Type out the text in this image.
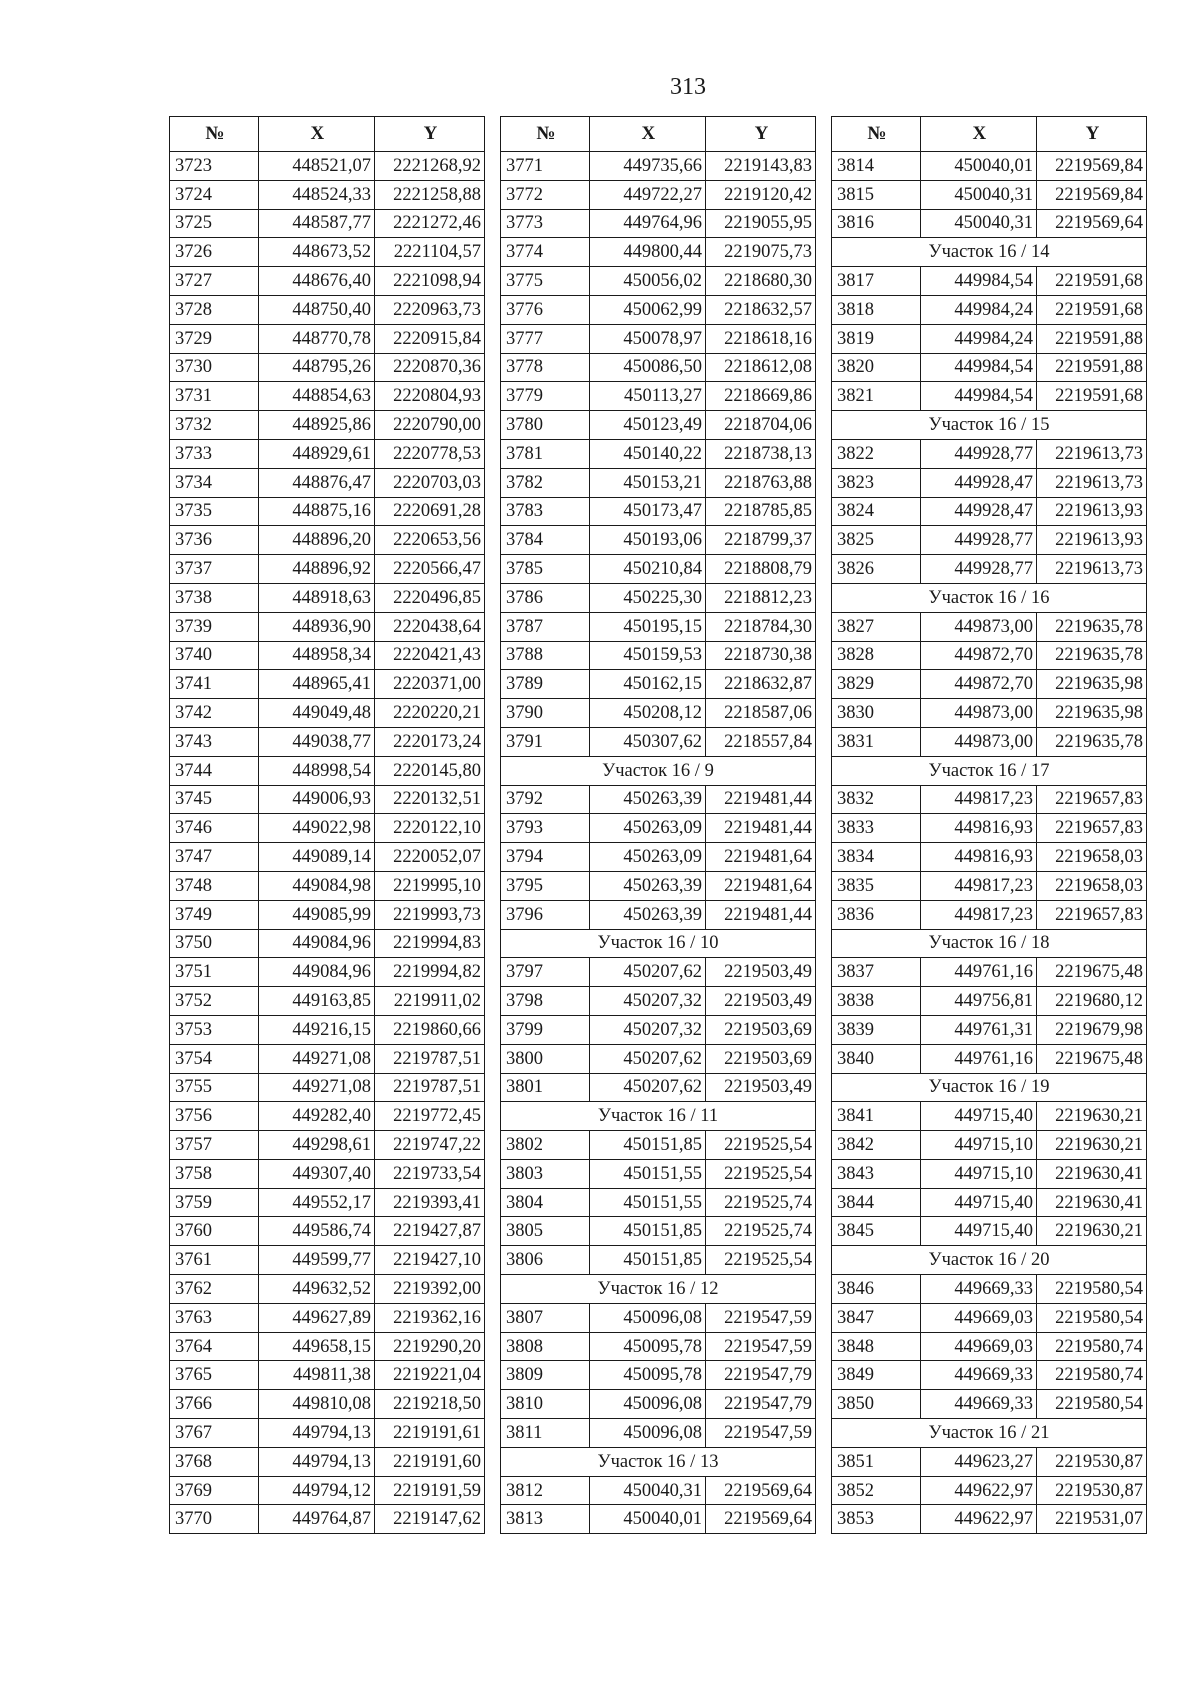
313
№	X	Y
3723	448521,07	2221268,92
3724	448524,33	2221258,88
3725	448587,77	2221272,46
3726	448673,52	2221104,57
3727	448676,40	2221098,94
3728	448750,40	2220963,73
3729	448770,78	2220915,84
3730	448795,26	2220870,36
3731	448854,63	2220804,93
3732	448925,86	2220790,00
3733	448929,61	2220778,53
3734	448876,47	2220703,03
3735	448875,16	2220691,28
3736	448896,20	2220653,56
3737	448896,92	2220566,47
3738	448918,63	2220496,85
3739	448936,90	2220438,64
3740	448958,34	2220421,43
3741	448965,41	2220371,00
3742	449049,48	2220220,21
3743	449038,77	2220173,24
3744	448998,54	2220145,80
3745	449006,93	2220132,51
3746	449022,98	2220122,10
3747	449089,14	2220052,07
3748	449084,98	2219995,10
3749	449085,99	2219993,73
3750	449084,96	2219994,83
3751	449084,96	2219994,82
3752	449163,85	2219911,02
3753	449216,15	2219860,66
3754	449271,08	2219787,51
3755	449271,08	2219787,51
3756	449282,40	2219772,45
3757	449298,61	2219747,22
3758	449307,40	2219733,54
3759	449552,17	2219393,41
3760	449586,74	2219427,87
3761	449599,77	2219427,10
3762	449632,52	2219392,00
3763	449627,89	2219362,16
3764	449658,15	2219290,20
3765	449811,38	2219221,04
3766	449810,08	2219218,50
3767	449794,13	2219191,61
3768	449794,13	2219191,60
3769	449794,12	2219191,59
3770	449764,87	2219147,62
№	X	Y
3771	449735,66	2219143,83
3772	449722,27	2219120,42
3773	449764,96	2219055,95
3774	449800,44	2219075,73
3775	450056,02	2218680,30
3776	450062,99	2218632,57
3777	450078,97	2218618,16
3778	450086,50	2218612,08
3779	450113,27	2218669,86
3780	450123,49	2218704,06
3781	450140,22	2218738,13
3782	450153,21	2218763,88
3783	450173,47	2218785,85
3784	450193,06	2218799,37
3785	450210,84	2218808,79
3786	450225,30	2218812,23
3787	450195,15	2218784,30
3788	450159,53	2218730,38
3789	450162,15	2218632,87
3790	450208,12	2218587,06
3791	450307,62	2218557,84
Участок 16 / 9		
3792	450263,39	2219481,44
3793	450263,09	2219481,44
3794	450263,09	2219481,64
3795	450263,39	2219481,64
3796	450263,39	2219481,44
Участок 16 / 10		
3797	450207,62	2219503,49
3798	450207,32	2219503,49
3799	450207,32	2219503,69
3800	450207,62	2219503,69
3801	450207,62	2219503,49
Участок 16 / 11		
3802	450151,85	2219525,54
3803	450151,55	2219525,54
3804	450151,55	2219525,74
3805	450151,85	2219525,74
3806	450151,85	2219525,54
Участок 16 / 12		
3807	450096,08	2219547,59
3808	450095,78	2219547,59
3809	450095,78	2219547,79
3810	450096,08	2219547,79
3811	450096,08	2219547,59
Участок 16 / 13		
3812	450040,31	2219569,64
3813	450040,01	2219569,64
№	X	Y
3814	450040,01	2219569,84
3815	450040,31	2219569,84
3816	450040,31	2219569,64
Участок 16 / 14		
3817	449984,54	2219591,68
3818	449984,24	2219591,68
3819	449984,24	2219591,88
3820	449984,54	2219591,88
3821	449984,54	2219591,68
Участок 16 / 15		
3822	449928,77	2219613,73
3823	449928,47	2219613,73
3824	449928,47	2219613,93
3825	449928,77	2219613,93
3826	449928,77	2219613,73
Участок 16 / 16		
3827	449873,00	2219635,78
3828	449872,70	2219635,78
3829	449872,70	2219635,98
3830	449873,00	2219635,98
3831	449873,00	2219635,78
Участок 16 / 17		
3832	449817,23	2219657,83
3833	449816,93	2219657,83
3834	449816,93	2219658,03
3835	449817,23	2219658,03
3836	449817,23	2219657,83
Участок 16 / 18		
3837	449761,16	2219675,48
3838	449756,81	2219680,12
3839	449761,31	2219679,98
3840	449761,16	2219675,48
Участок 16 / 19		
3841	449715,40	2219630,21
3842	449715,10	2219630,21
3843	449715,10	2219630,41
3844	449715,40	2219630,41
3845	449715,40	2219630,21
Участок 16 / 20		
3846	449669,33	2219580,54
3847	449669,03	2219580,54
3848	449669,03	2219580,74
3849	449669,33	2219580,74
3850	449669,33	2219580,54
Участок 16 / 21		
3851	449623,27	2219530,87
3852	449622,97	2219530,87
3853	449622,97	2219531,07
